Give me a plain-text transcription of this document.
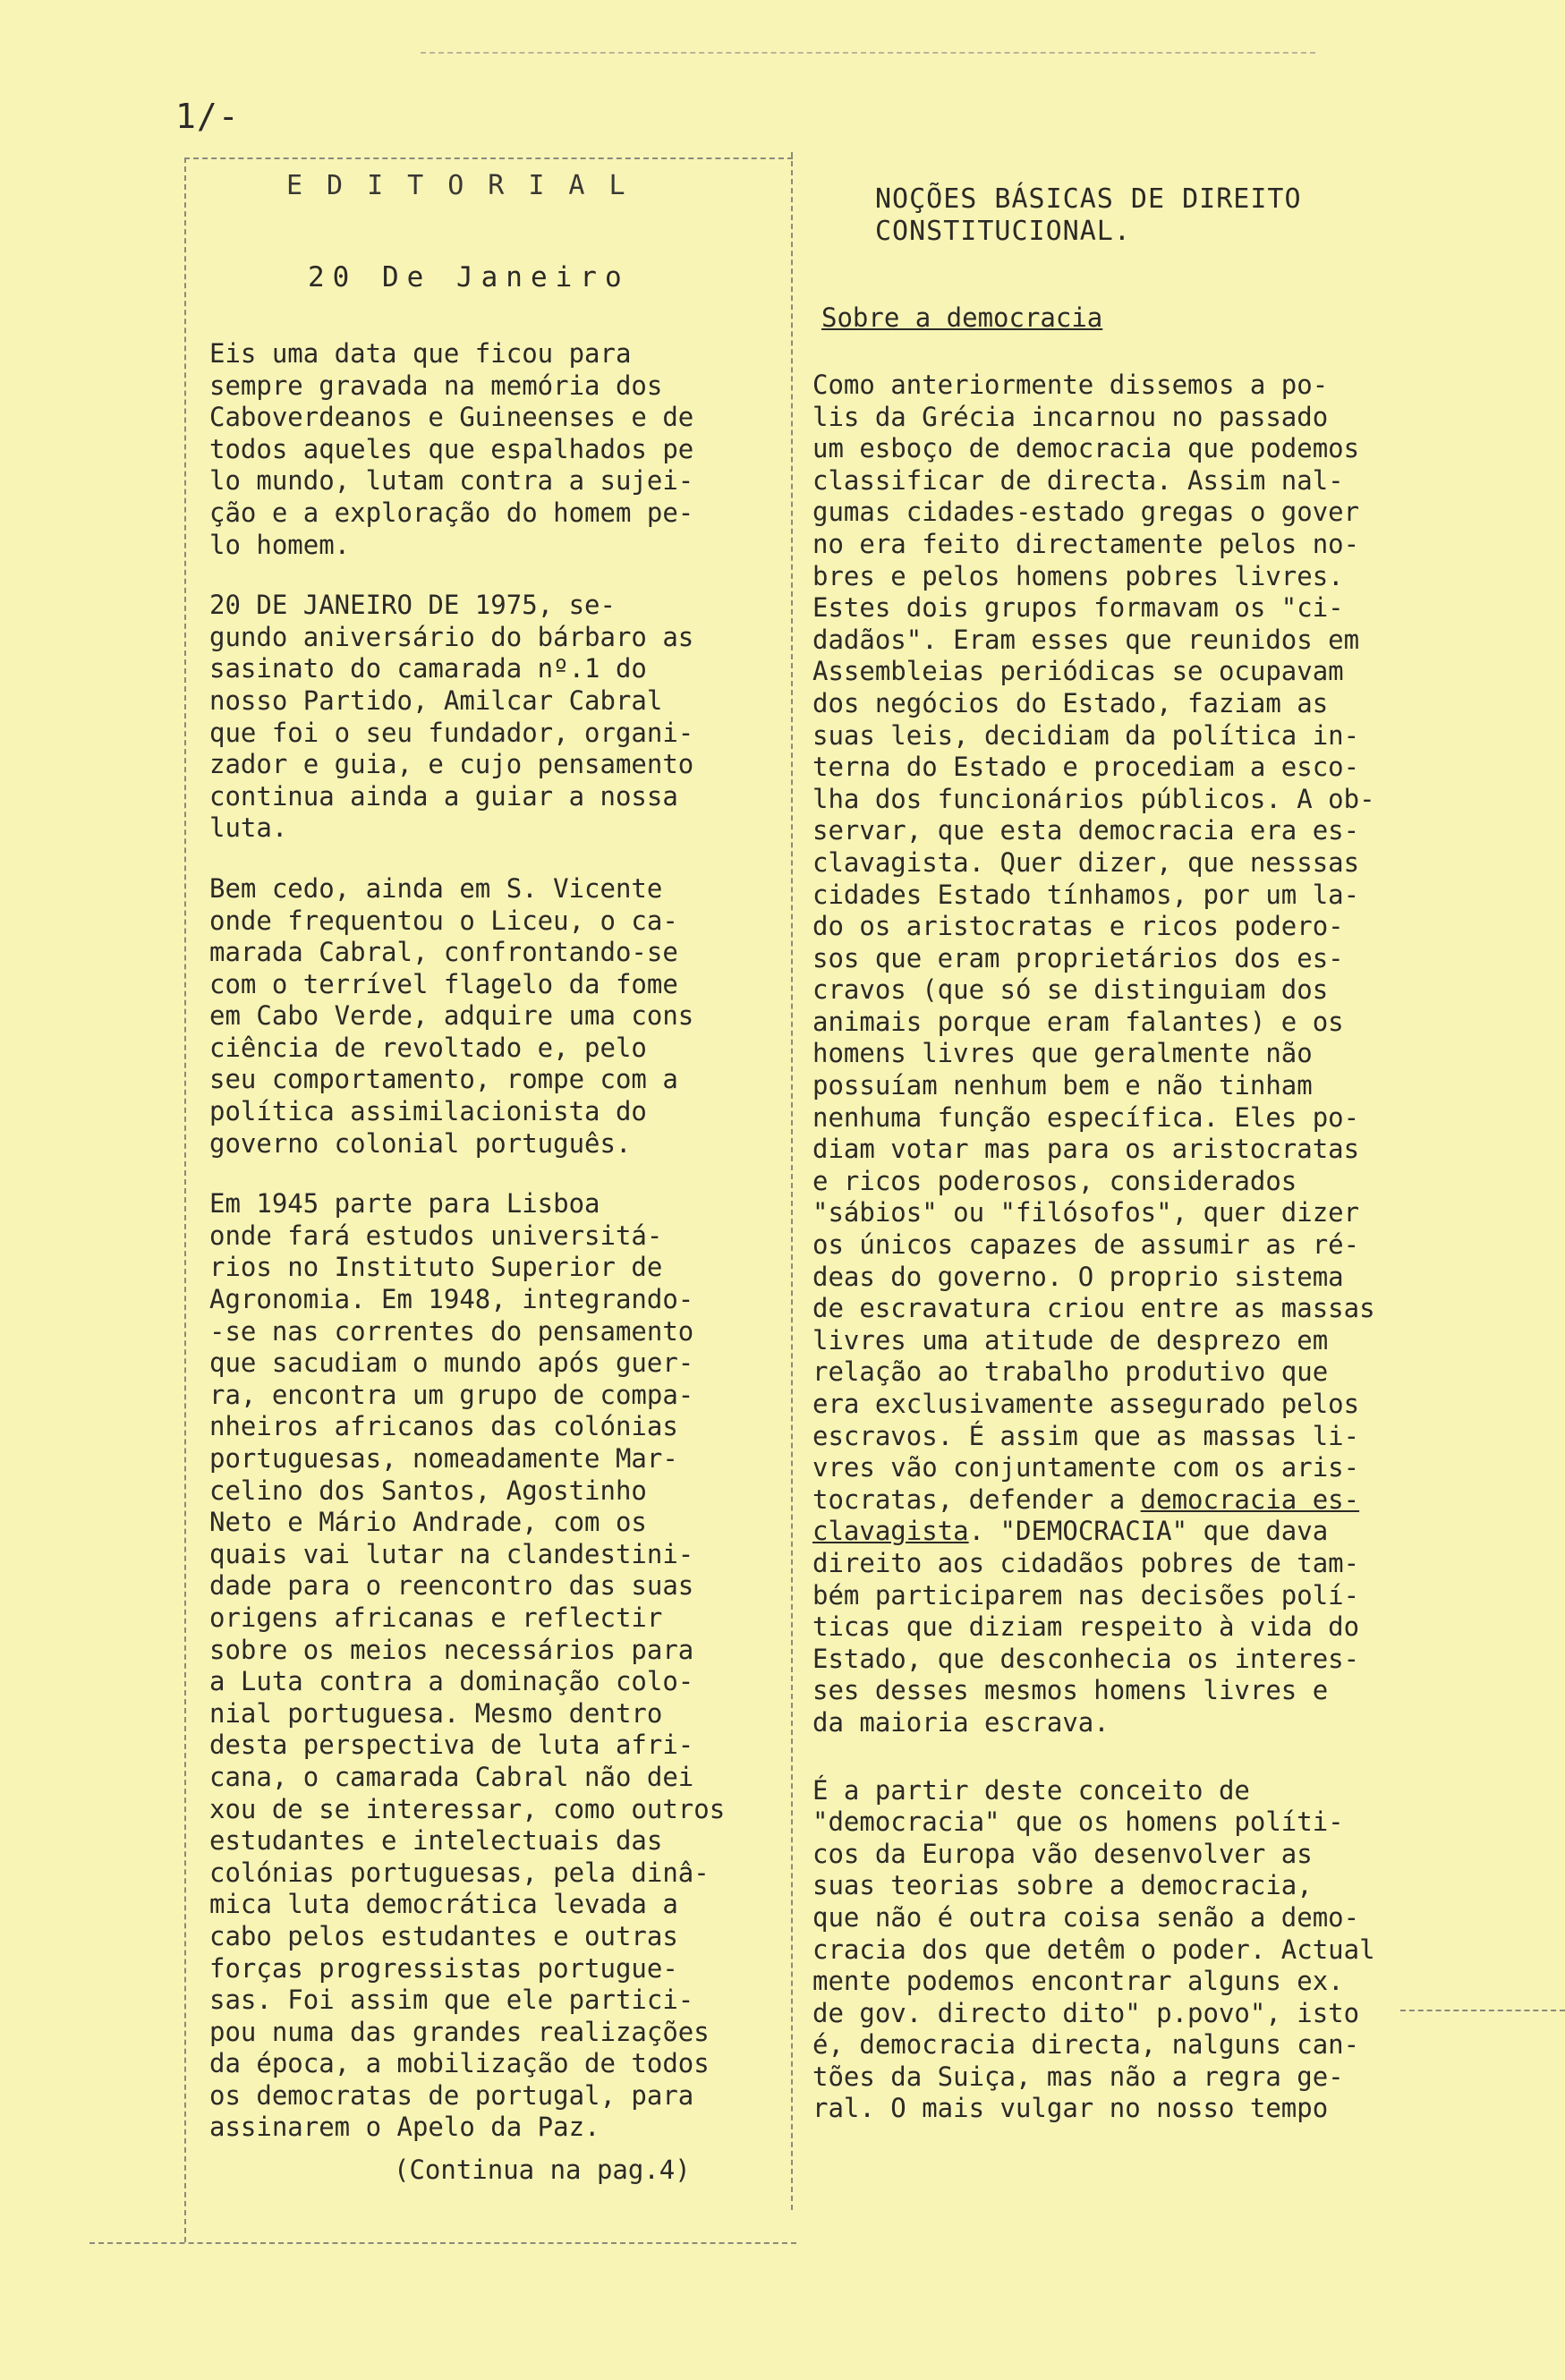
1/-
EDITORIAL
20 De Janeiro

Eis uma data que ficou para
sempre gravada na memória dos
Caboverdeanos e Guineenses e de
todos aqueles que espalhados pe
lo mundo, lutam contra a sujei-
ção e a exploração do homem pe-
lo homem.

20 DE JANEIRO DE 1975, se-
gundo aniversário do bárbaro as
sasinato do camarada nº.1 do
nosso Partido, Amilcar Cabral
que foi o seu fundador, organi-
zador e guia, e cujo pensamento
continua ainda a guiar a nossa
luta.

Bem cedo, ainda em S. Vicente
onde frequentou o Liceu, o ca-
marada Cabral, confrontando-se
com o terrível flagelo da fome
em Cabo Verde, adquire uma cons
ciência de revoltado e, pelo
seu comportamento, rompe com a
política assimilacionista do
governo colonial português.

Em 1945 parte para Lisboa
onde fará estudos universitá-
rios no Instituto Superior de
Agronomia. Em 1948, integrando-
-se nas correntes do pensamento
que sacudiam o mundo após guer-
ra, encontra um grupo de compa-
nheiros africanos das colónias
portuguesas, nomeadamente Mar-
celino dos Santos, Agostinho
Neto e Mário Andrade, com os
quais vai lutar na clandestini-
dade para o reencontro das suas
origens africanas e reflectir
sobre os meios necessários para
a Luta contra a dominação colo-
nial portuguesa. Mesmo dentro
desta perspectiva de luta afri-
cana, o camarada Cabral não dei
xou de se interessar, como outros
estudantes e intelectuais das
colónias portuguesas, pela dinâ-
mica luta democrática levada a
cabo pelos estudantes e outras
forças progressistas portugue-
sas. Foi assim que ele partici-
pou numa das grandes realizações
da época, a mobilização de todos
os democratas de portugal, para
assinarem o Apelo da Paz.

(Continua na pag.4)
NOÇÕES BÁSICAS DE DIREITO
CONSTITUCIONAL.
Sobre a democracia

Como anteriormente dissemos a po-
lis da Grécia incarnou no passado
um esboço de democracia que podemos
classificar de directa. Assim nal-
gumas cidades-estado gregas o gover
no era feito directamente pelos no-
bres e pelos homens pobres livres.
Estes dois grupos formavam os "ci-
dadãos". Eram esses que reunidos em
Assembleias periódicas se ocupavam
dos negócios do Estado, faziam as
suas leis, decidiam da política in-
terna do Estado e procediam a esco-
lha dos funcionários públicos. A ob-
servar, que esta democracia era es-
clavagista. Quer dizer, que nesssas
cidades Estado tínhamos, por um la-
do os aristocratas e ricos podero-
sos que eram proprietários dos es-
cravos (que só se distinguiam dos
animais porque eram falantes) e os
homens livres que geralmente não
possuíam nenhum bem e não tinham
nenhuma função específica. Eles po-
diam votar mas para os aristocratas
e ricos poderosos, considerados
"sábios" ou "filósofos", quer dizer
os únicos capazes de assumir as ré-
deas do governo. O proprio sistema
de escravatura criou entre as massas
livres uma atitude de desprezo em
relação ao trabalho produtivo que
era exclusivamente assegurado pelos
escravos. É assim que as massas li-
vres vão conjuntamente com os aris-
tocratas, defender a democracia es-
clavagista. "DEMOCRACIA" que dava
direito aos cidadãos pobres de tam-
bém participarem nas decisões polí-
ticas que diziam respeito à vida do
Estado, que desconhecia os interes-
ses desses mesmos homens livres e
da maioria escrava.

É a partir deste conceito de
"democracia" que os homens políti-
cos da Europa vão desenvolver as
suas teorias sobre a democracia,
que não é outra coisa senão a demo-
cracia dos que detêm o poder. Actual
mente podemos encontrar alguns ex.
de gov. directo dito" p.povo", isto
é, democracia directa, nalguns can-
tões da Suiça, mas não a regra ge-
ral. O mais vulgar no nosso tempo
